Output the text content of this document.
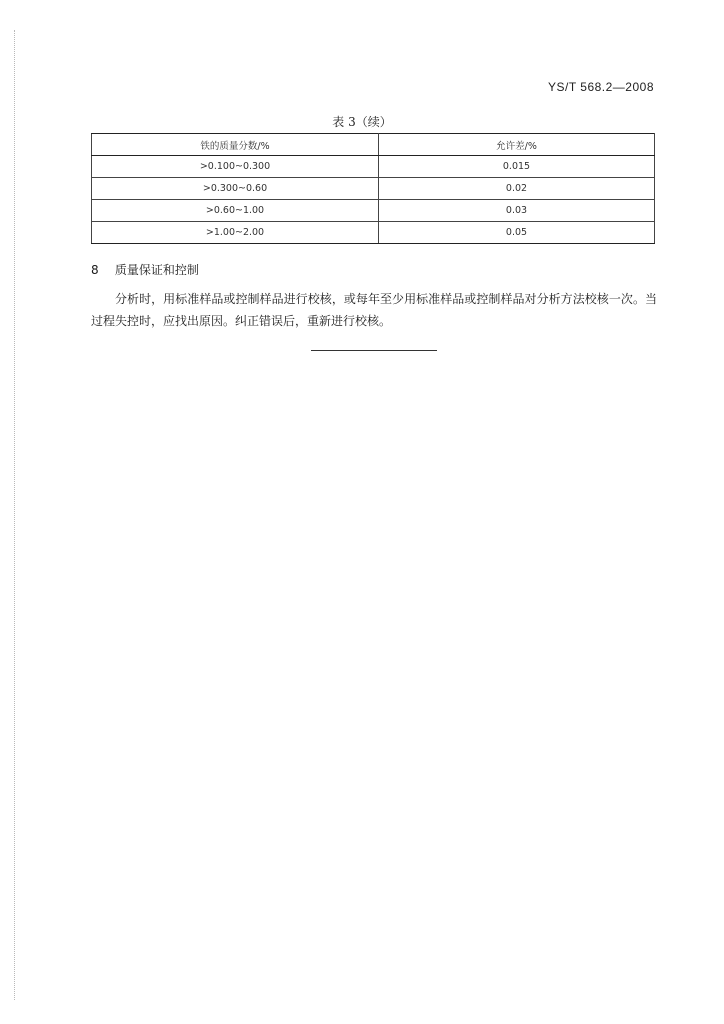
YS/T 568.2—2008
表 3（续）
铁的质量分数/%	允许差/%
>0.100~0.300	0.015
>0.300~0.60	0.02
>0.60~1.00	0.03
>1.00~2.00	0.05
8 质量保证和控制
分析时，用标准样品或控制样品进行校核，或每年至少用标准样品或控制样品对分析方法校核一次。当过程失控时，应找出原因。纠正错误后，重新进行校核。
